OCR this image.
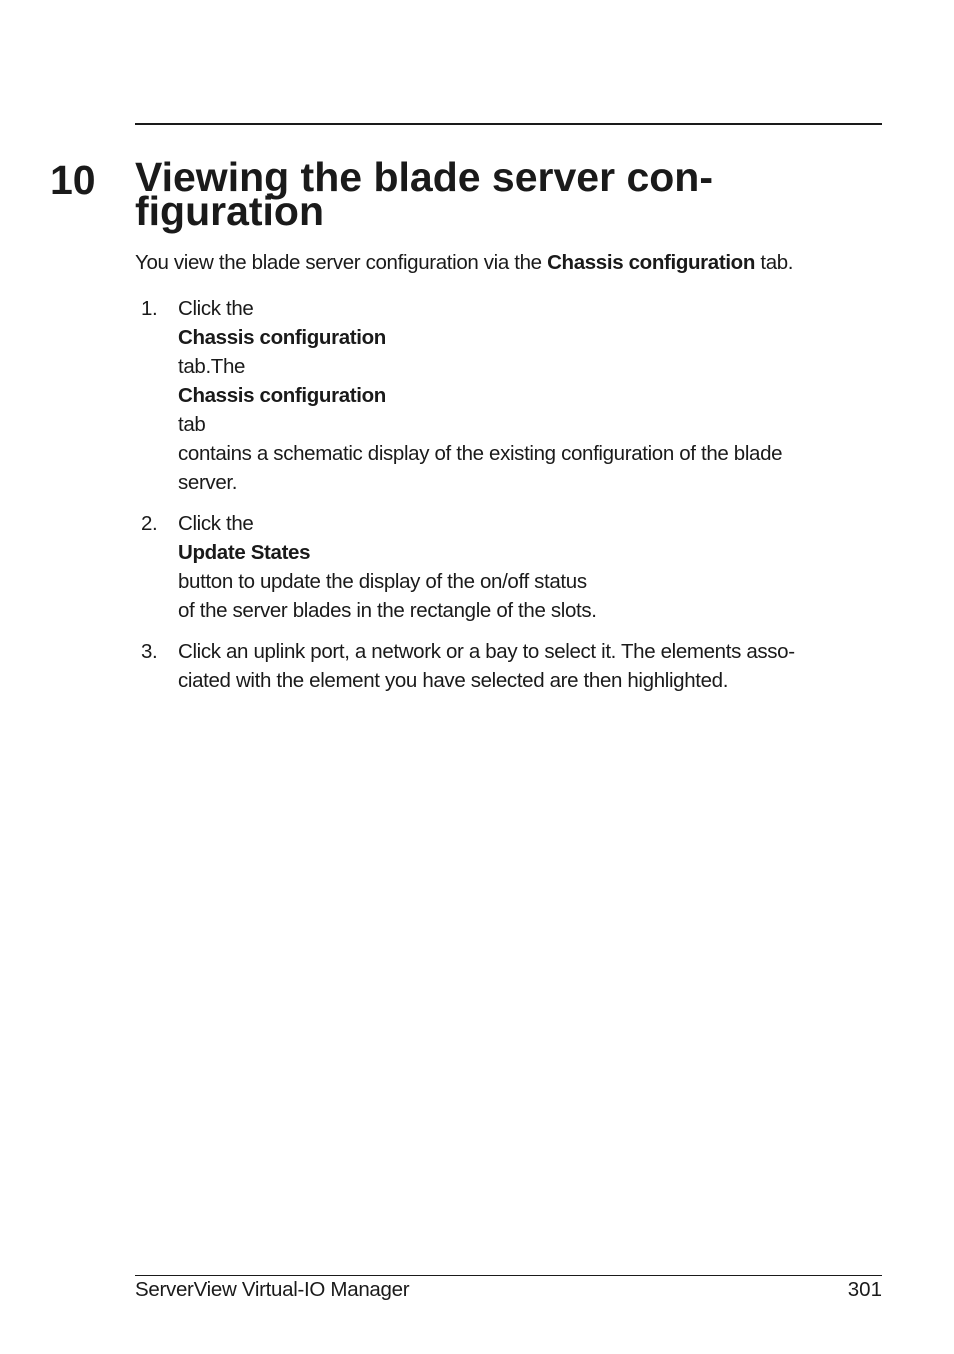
10 Viewing the blade server con-
figuration

You view the blade server configuration via the Chassis configuration tab.

1. Click the
Chassis configuration
tab.The
Chassis configuration
tab
contains a schematic display of the existing configuration of the blade
server.
2. Click the
Update States
button to update the display of the on/off status
of the server blades in the rectangle of the slots.
3. Click an uplink port, a network or a bay to select it. The elements asso-
ciated with the element you have selected are then highlighted.
ServerView Virtual-IO Manager	301
